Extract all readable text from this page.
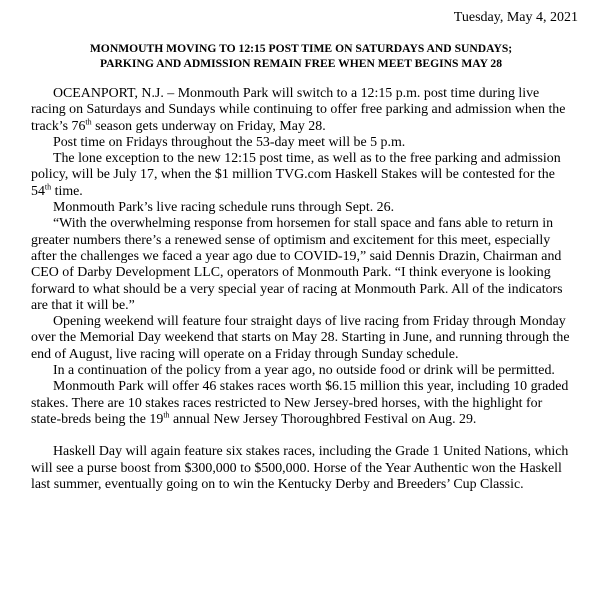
Tuesday, May 4, 2021
MONMOUTH MOVING TO 12:15 POST TIME ON SATURDAYS AND SUNDAYS;
PARKING AND ADMISSION REMAIN FREE WHEN MEET BEGINS MAY 28

OCEANPORT, N.J. – Monmouth Park will switch to a 12:15 p.m. post time during live racing on Saturdays and Sundays while continuing to offer free parking and admission when the track’s 76th season gets underway on Friday, May 28.

Post time on Fridays throughout the 53-day meet will be 5 p.m.

The lone exception to the new 12:15 post time, as well as to the free parking and admission policy, will be July 17, when the $1 million TVG.com Haskell Stakes will be contested for the 54th time.

Monmouth Park’s live racing schedule runs through Sept. 26.

“With the overwhelming response from horsemen for stall space and fans able to return in greater numbers there’s a renewed sense of optimism and excitement for this meet, especially after the challenges we faced a year ago due to COVID-19,” said Dennis Drazin, Chairman and CEO of Darby Development LLC, operators of Monmouth Park. “I think everyone is looking forward to what should be a very special year of racing at Monmouth Park. All of the indicators are that it will be.”

Opening weekend will feature four straight days of live racing from Friday through Monday over the Memorial Day weekend that starts on May 28. Starting in June, and running through the end of August, live racing will operate on a Friday through Sunday schedule.

In a continuation of the policy from a year ago, no outside food or drink will be permitted.

Monmouth Park will offer 46 stakes races worth $6.15 million this year, including 10 graded stakes. There are 10 stakes races restricted to New Jersey-bred horses, with the highlight for state-breds being the 19th annual New Jersey Thoroughbred Festival on Aug. 29.

Haskell Day will again feature six stakes races, including the Grade 1 United Nations, which will see a purse boost from $300,000 to $500,000. Horse of the Year Authentic won the Haskell last summer, eventually going on to win the Kentucky Derby and Breeders’ Cup Classic.
